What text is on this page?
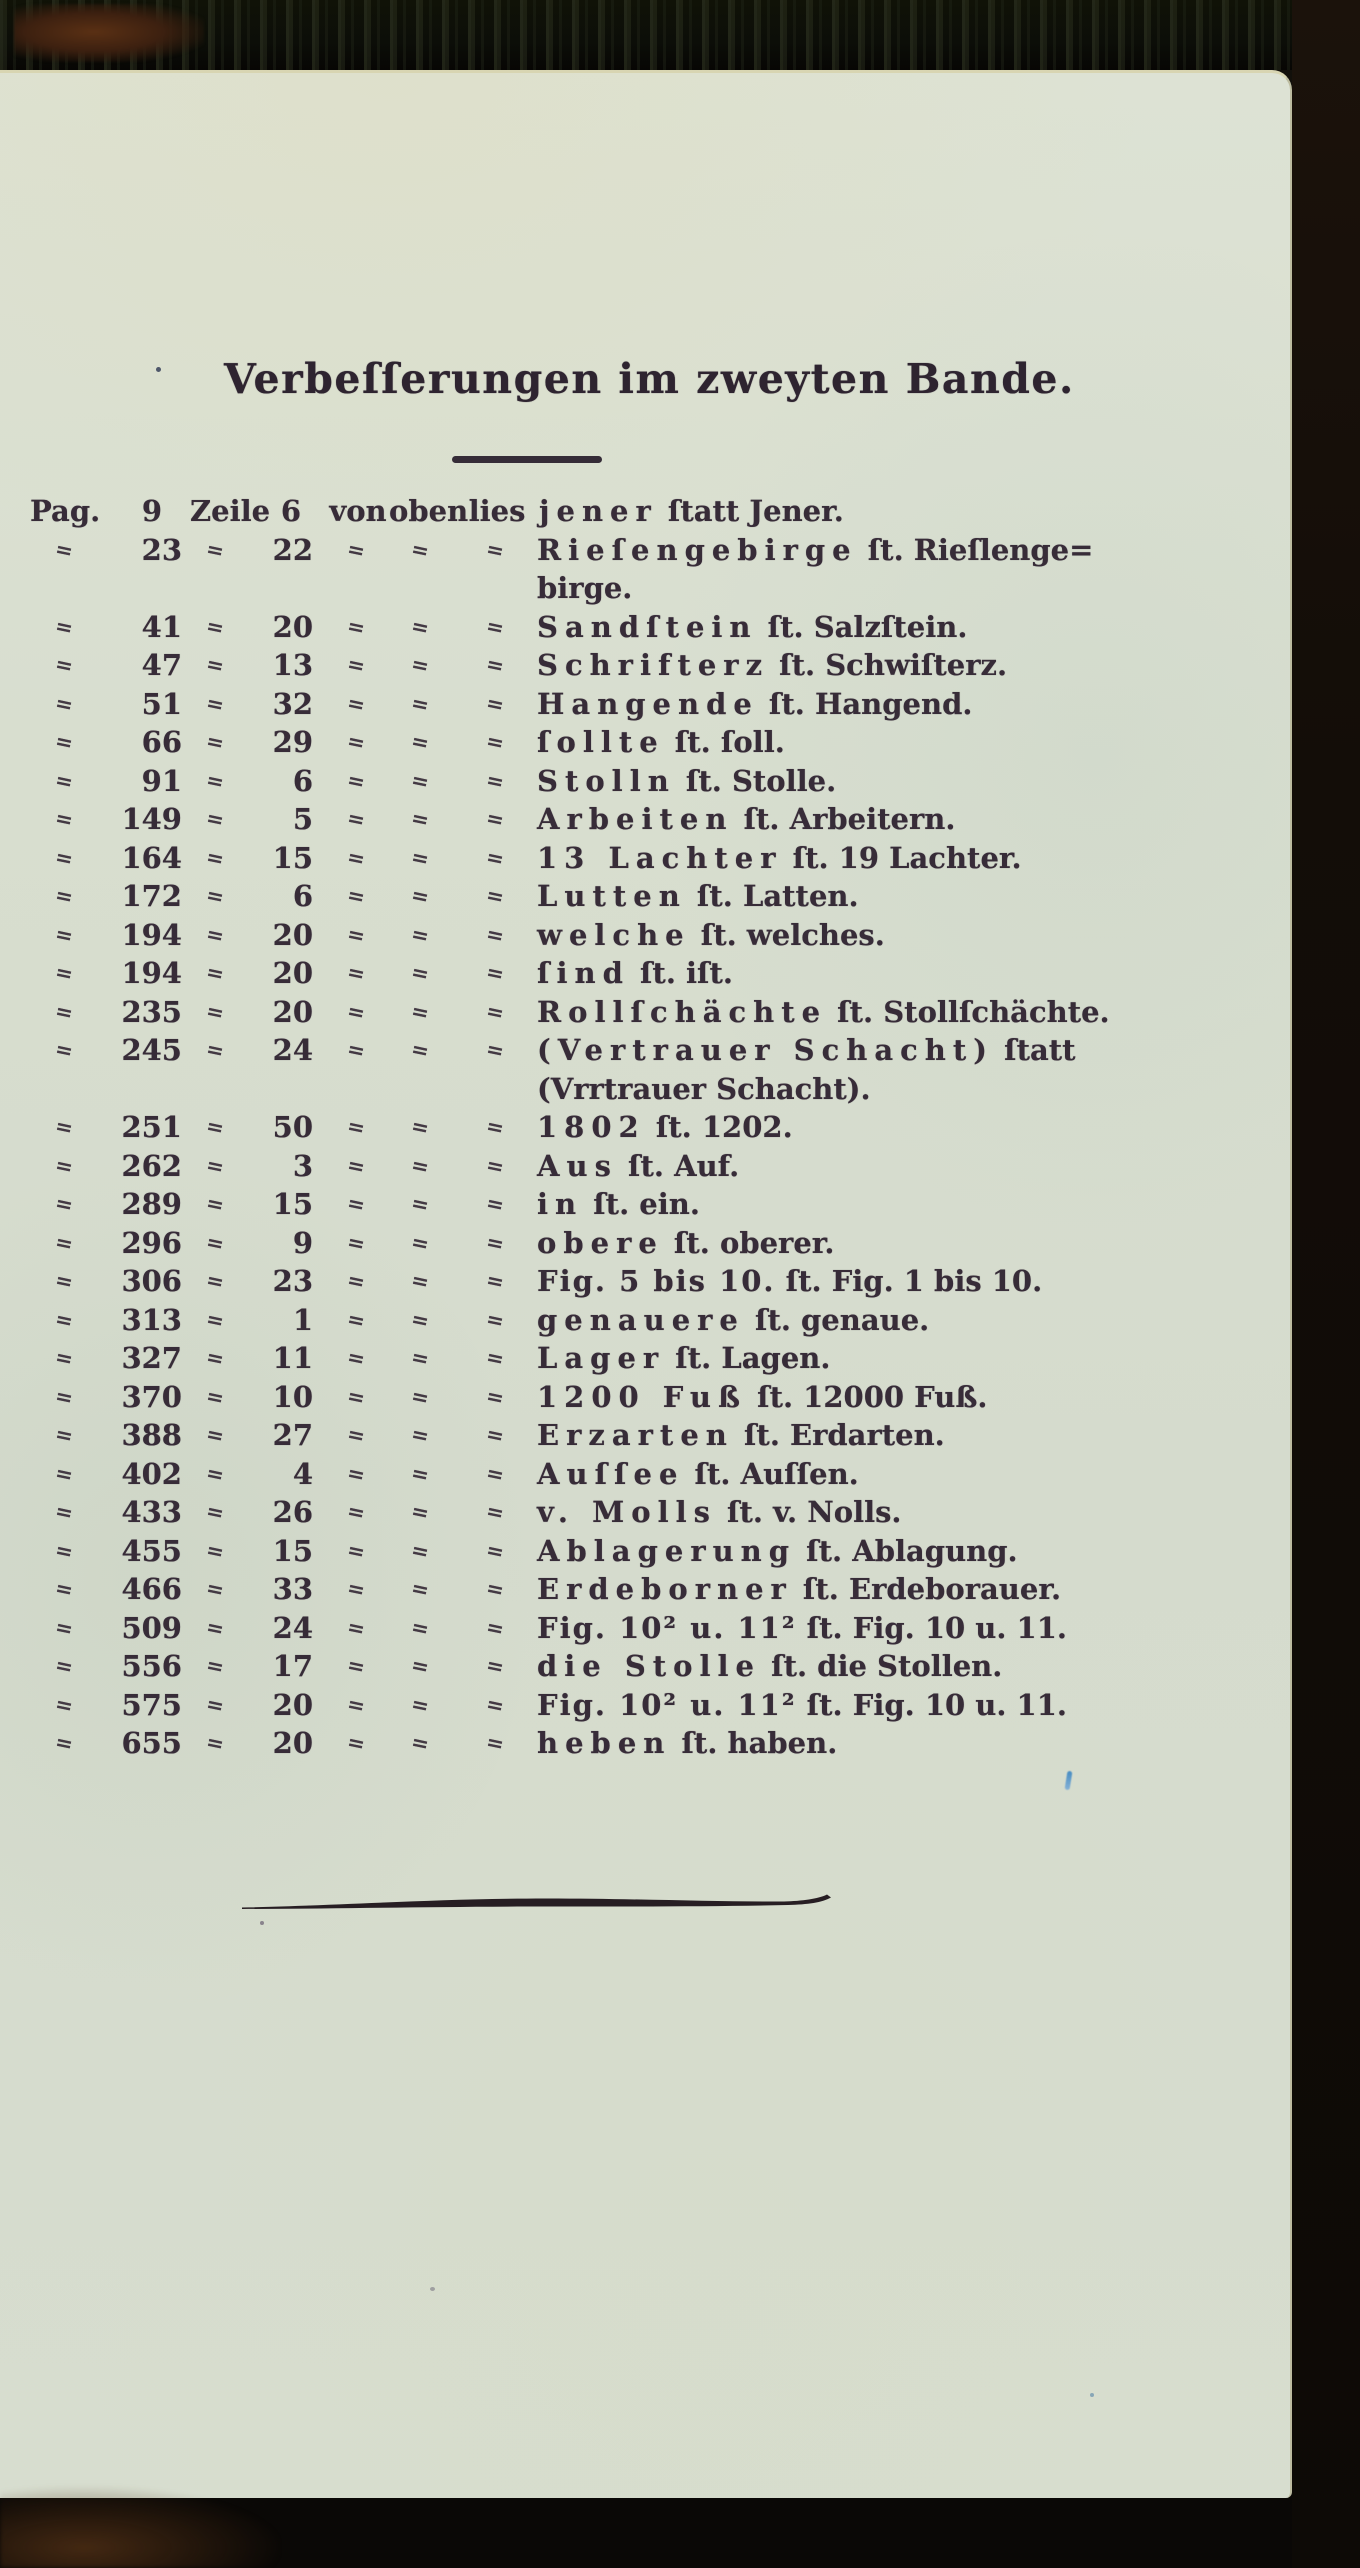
Verbeſſerungen im zweyten Bande.
Pag.	9 Zeile 6 von oben lies jener ſtatt Jener.
=	23 =	22	=	=	=	Rieſengebirge ſt. Rieſlenge=
birge.
=	41 =	20	=	=	=	Sandſtein ſt. Salzſtein.
=	47 =	13	=	=	=	Schrifterz ſt. Schwiſterz.
=	51 =	32	=	=	=	Hangende ſt. Hangend.
=	66 =	29	=	=	=	ſollte ſt. ſoll.
=	91 =	6	=	=	=	Stolln ſt. Stolle.
=	149 =	5	=	=	=	Arbeiten ſt. Arbeitern.
=	164 =	15	=	=	=	13 Lachter ſt. 19 Lachter.
=	172 =	6	=	=	=	Lutten ſt. Latten.
=	194 =	20	=	=	=	welche ſt. welches.
=	194 =	20	=	=	=	ſind ſt. iſt.
=	235 =	20	=	=	=	Rollſchächte ſt. Stollſchächte.
=	245 =	24	=	=	=	(Vertrauer Schacht) ſtatt
(Vrrtrauer Schacht).
=	251 =	50	=	=	=	1802 ſt. 1202.
=	262 =	3	=	=	=	Aus ſt. Auf.
=	289 =	15	=	=	=	in ſt. ein.
=	296 =	9	=	=	=	obere ſt. oberer.
=	306 =	23	=	=	=	Fig. 5 bis 10. ſt. Fig. 1 bis 10.
=	313 =	1	=	=	=	genauere ſt. genaue.
=	327 =	11	=	=	=	Lager ſt. Lagen.
=	370 =	10	=	=	=	1200 Fuß ſt. 12000 Fuß.
=	388 =	27	=	=	=	Erzarten ſt. Erdarten.
=	402 =	4	=	=	=	Auſſee ſt. Auſſen.
=	433 =	26	=	=	=	v. Molls ſt. v. Nolls.
=	455 =	15	=	=	=	Ablagerung ſt. Ablagung.
=	466 =	33	=	=	=	Erdeborner ſt. Erdeborauer.
=	509 =	24	=	=	=	Fig. 10² u. 11² ſt. Fig. 10 u. 11.
=	556 =	17	=	=	=	die Stolle ſt. die Stollen.
=	575 =	20	=	=	=	Fig. 10² u. 11² ſt. Fig. 10 u. 11.
=	655 =	20	=	=	=	heben ſt. haben.
